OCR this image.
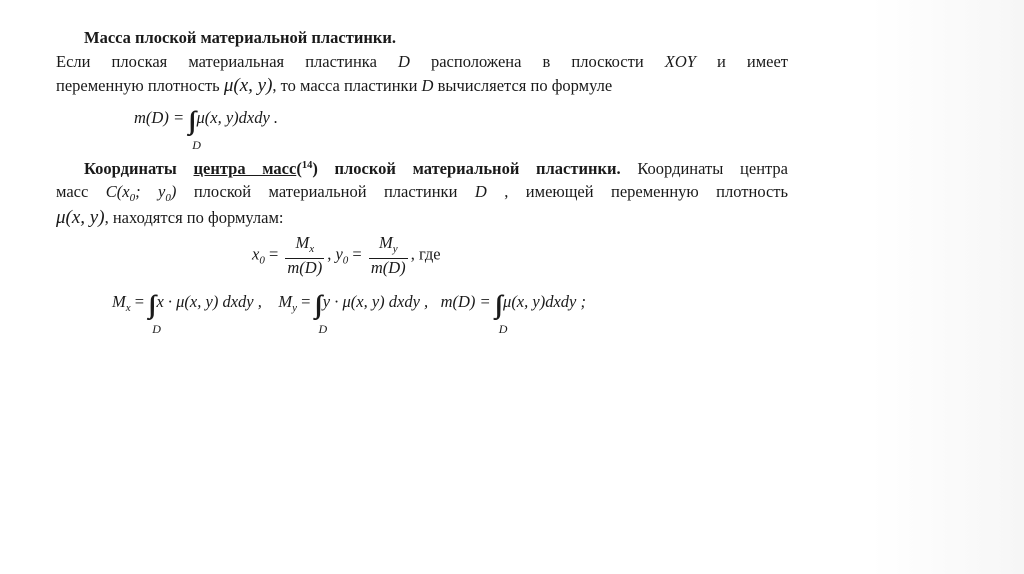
Масса плоской материальной пластинки.
Если плоская материальная пластинка D расположена в плоскости XOY и имеет
переменную плотность μ(x, y), то масса пластинки D вычисляется по формуле
m(D) = ∫∫
D
μ(x, y)dxdy .
Координаты центра масс($^{14}$) плоской материальной пластинки. Координаты центра
масс $C(x_0$; $y_0$) плоской материальной пластинки D , имеющей переменную плотность
μ(x, y), находятся по формулам:
$x_0 = \frac{M_x}{m(D)}$ , $y_0 = \frac{M_y}{m(D)}$ , где
$M_x$ = ∫∫
D
x · μ(x, y) dxdy , $M_y$ = ∫∫
D
y · μ(x, y) dxdy , m(D) = ∫∫
D
μ(x, y)dxdy ;
